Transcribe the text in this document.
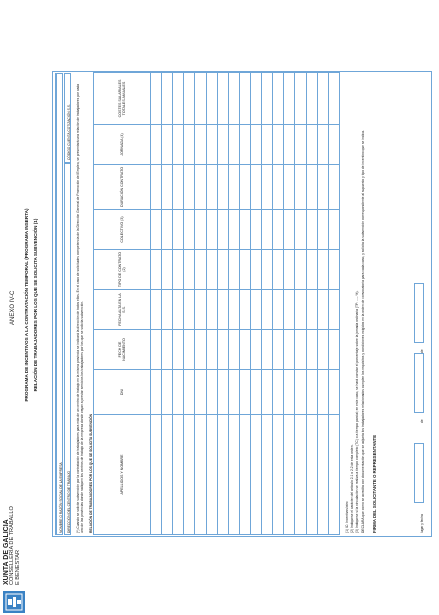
XUNTA DE GALICIA CONSELLERÍA DE TRABALLO E BENESTAR
ANEXO IV-C PROGRAMA DE INCENTIVOS A LA CONTRATACIÓN TEMPORAL (PROGRAMA INSERTA) RELACIÓN DE TRABAJADORES POR LOS QUE SE SOLICITA SUBVENCIÓN (1)
NOMBRE O RAZÓN SOCIAL DE LA EMPRESA DIRECCIÓN DEL CENTRO DE TRABAJO
CÓDIGO CUENTA COTIZACIÓN S.S. (*) Cuando se solicite subvención por la contratación de trabajadores para más de un centro de trabajo en la misma provincia se indicará la dirección de todos ellos. En el caso de solicitudes competencia de la Dirección General de Promoción del Empleo, se presentará una relación de trabajadores por cada uno de las provincias donde radiquen los centros de trabajo de la empresa donde vayan a prestar servicios los trabajadores por los que se solicita subvención. RELACIÓN DE TRABAJADORES POR LOS QUE SE SOLICITA SUBVENCIÓN	APELLIDOS Y NOMBRE	DNI	FECH DE NACIMIENTO	FECHA ALTA EN LA S.S.	TIPO DE CONTRATO (2)	COLECTIVO (3)	DURACIÓN CONTRATO	JORNADA (4)	COSTES SALARIALES TOTALES ANUALES

(1) IC: Incentivos/otro (2) Indíquese el carácter del artículo 2.1 o 2.2 de esta orden. (3) Indíquese si la vinculación se realiza a tiempo completo (TC) o a tiempo parcial; en este caso, se hará constar el porcentaje sobre la jornada ordinaria (TP: ..... %). DECLARA que como se acredita con documentación que se adjunta los trabajadores relacionados cumplen los requisitos y condiciones exigidos en la orden de convocatoria para cada caso, y solicita la subvención correspondiente al supuesto y tipo de incentivo que se indica. FIRMA DEL SOLICITANTE O REPRESENTANTE	lugar y fecha
de
de
